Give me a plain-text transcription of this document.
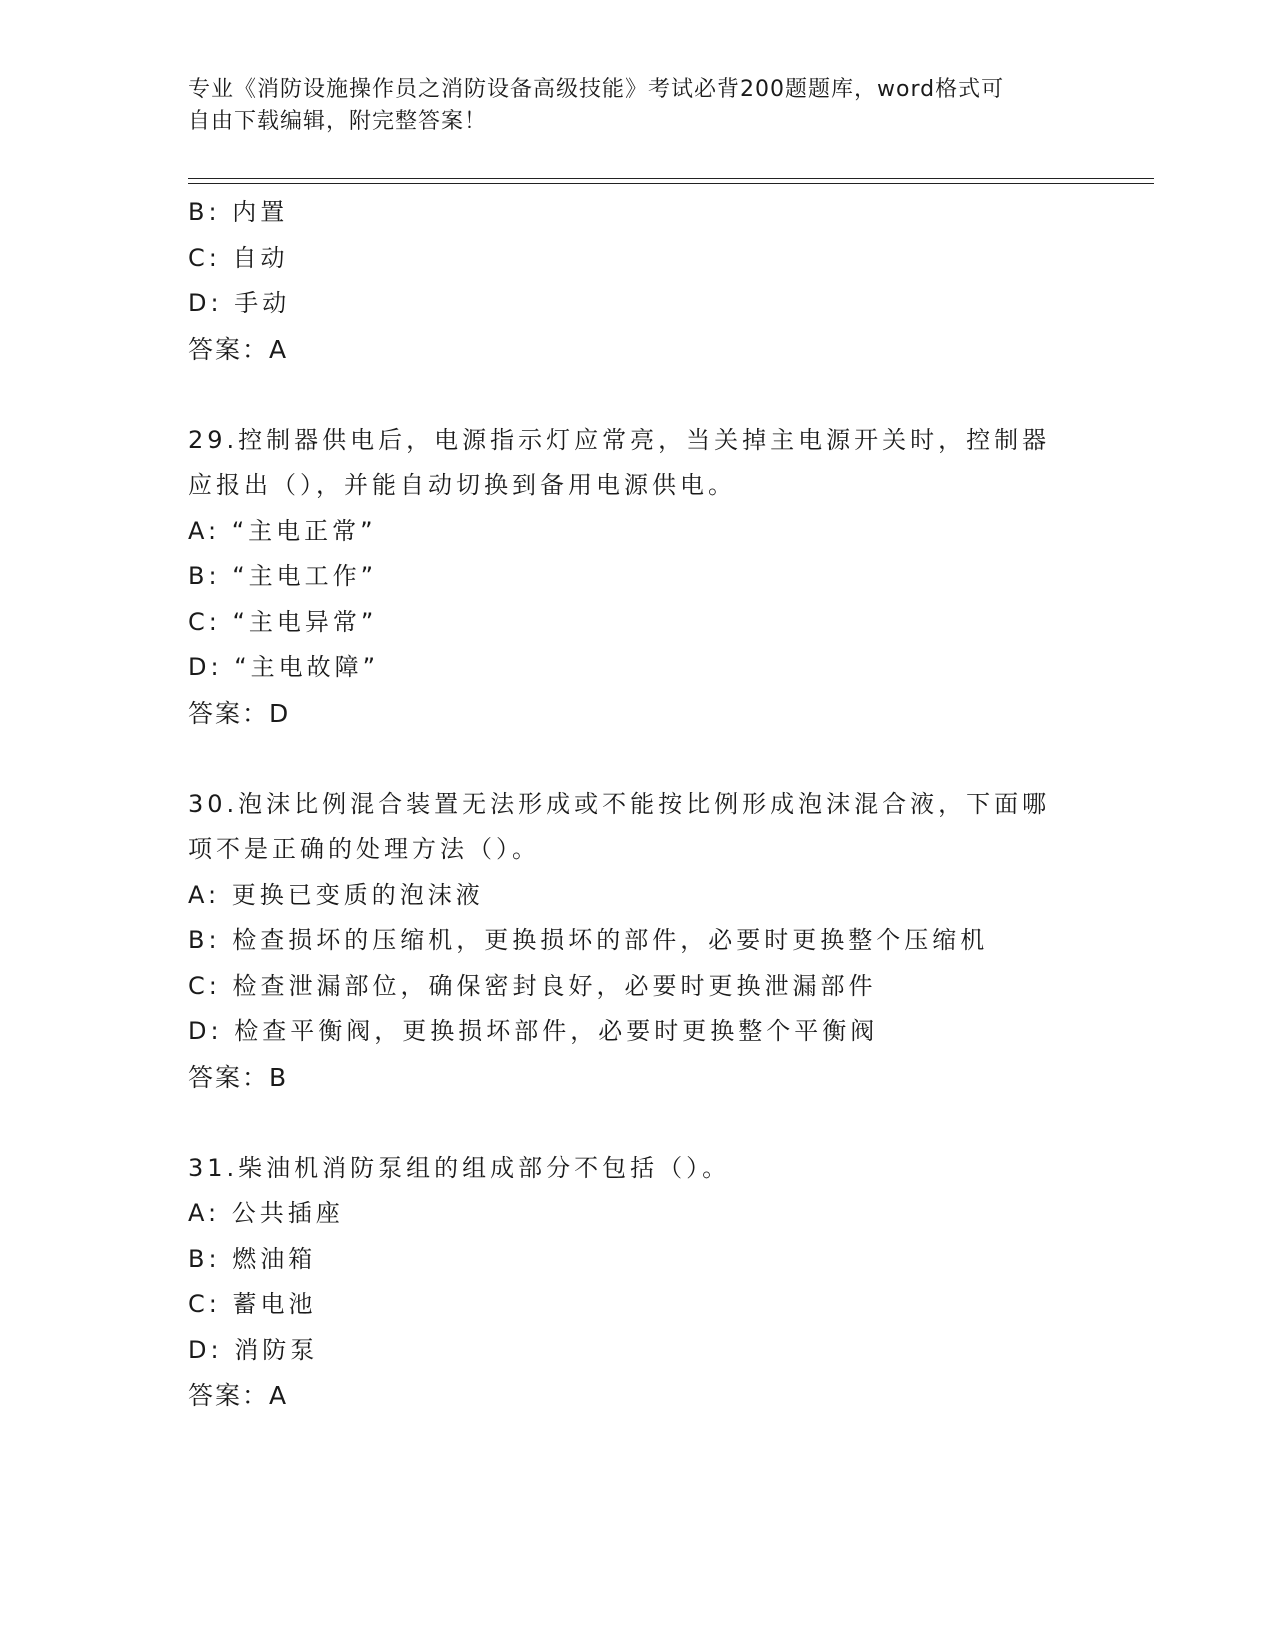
专业《消防设施操作员之消防设备高级技能》考试必背200题题库，word格式可
自由下载编辑，附完整答案！
B: 内置
C: 自动
D: 手动
答案：A
29.控制器供电后，电源指示灯应常亮，当关掉主电源开关时，控制器
应报出（），并能自动切换到备用电源供电。
A: “主电正常”
B: “主电工作”
C: “主电异常”
D: “主电故障”
答案：D
30.泡沫比例混合装置无法形成或不能按比例形成泡沫混合液，下面哪
项不是正确的处理方法（）。
A: 更换已变质的泡沫液
B: 检查损坏的压缩机，更换损坏的部件，必要时更换整个压缩机
C: 检查泄漏部位，确保密封良好，必要时更换泄漏部件
D: 检查平衡阀，更换损坏部件，必要时更换整个平衡阀
答案：B
31.柴油机消防泵组的组成部分不包括（）。
A: 公共插座
B: 燃油箱
C: 蓄电池
D: 消防泵
答案：A
